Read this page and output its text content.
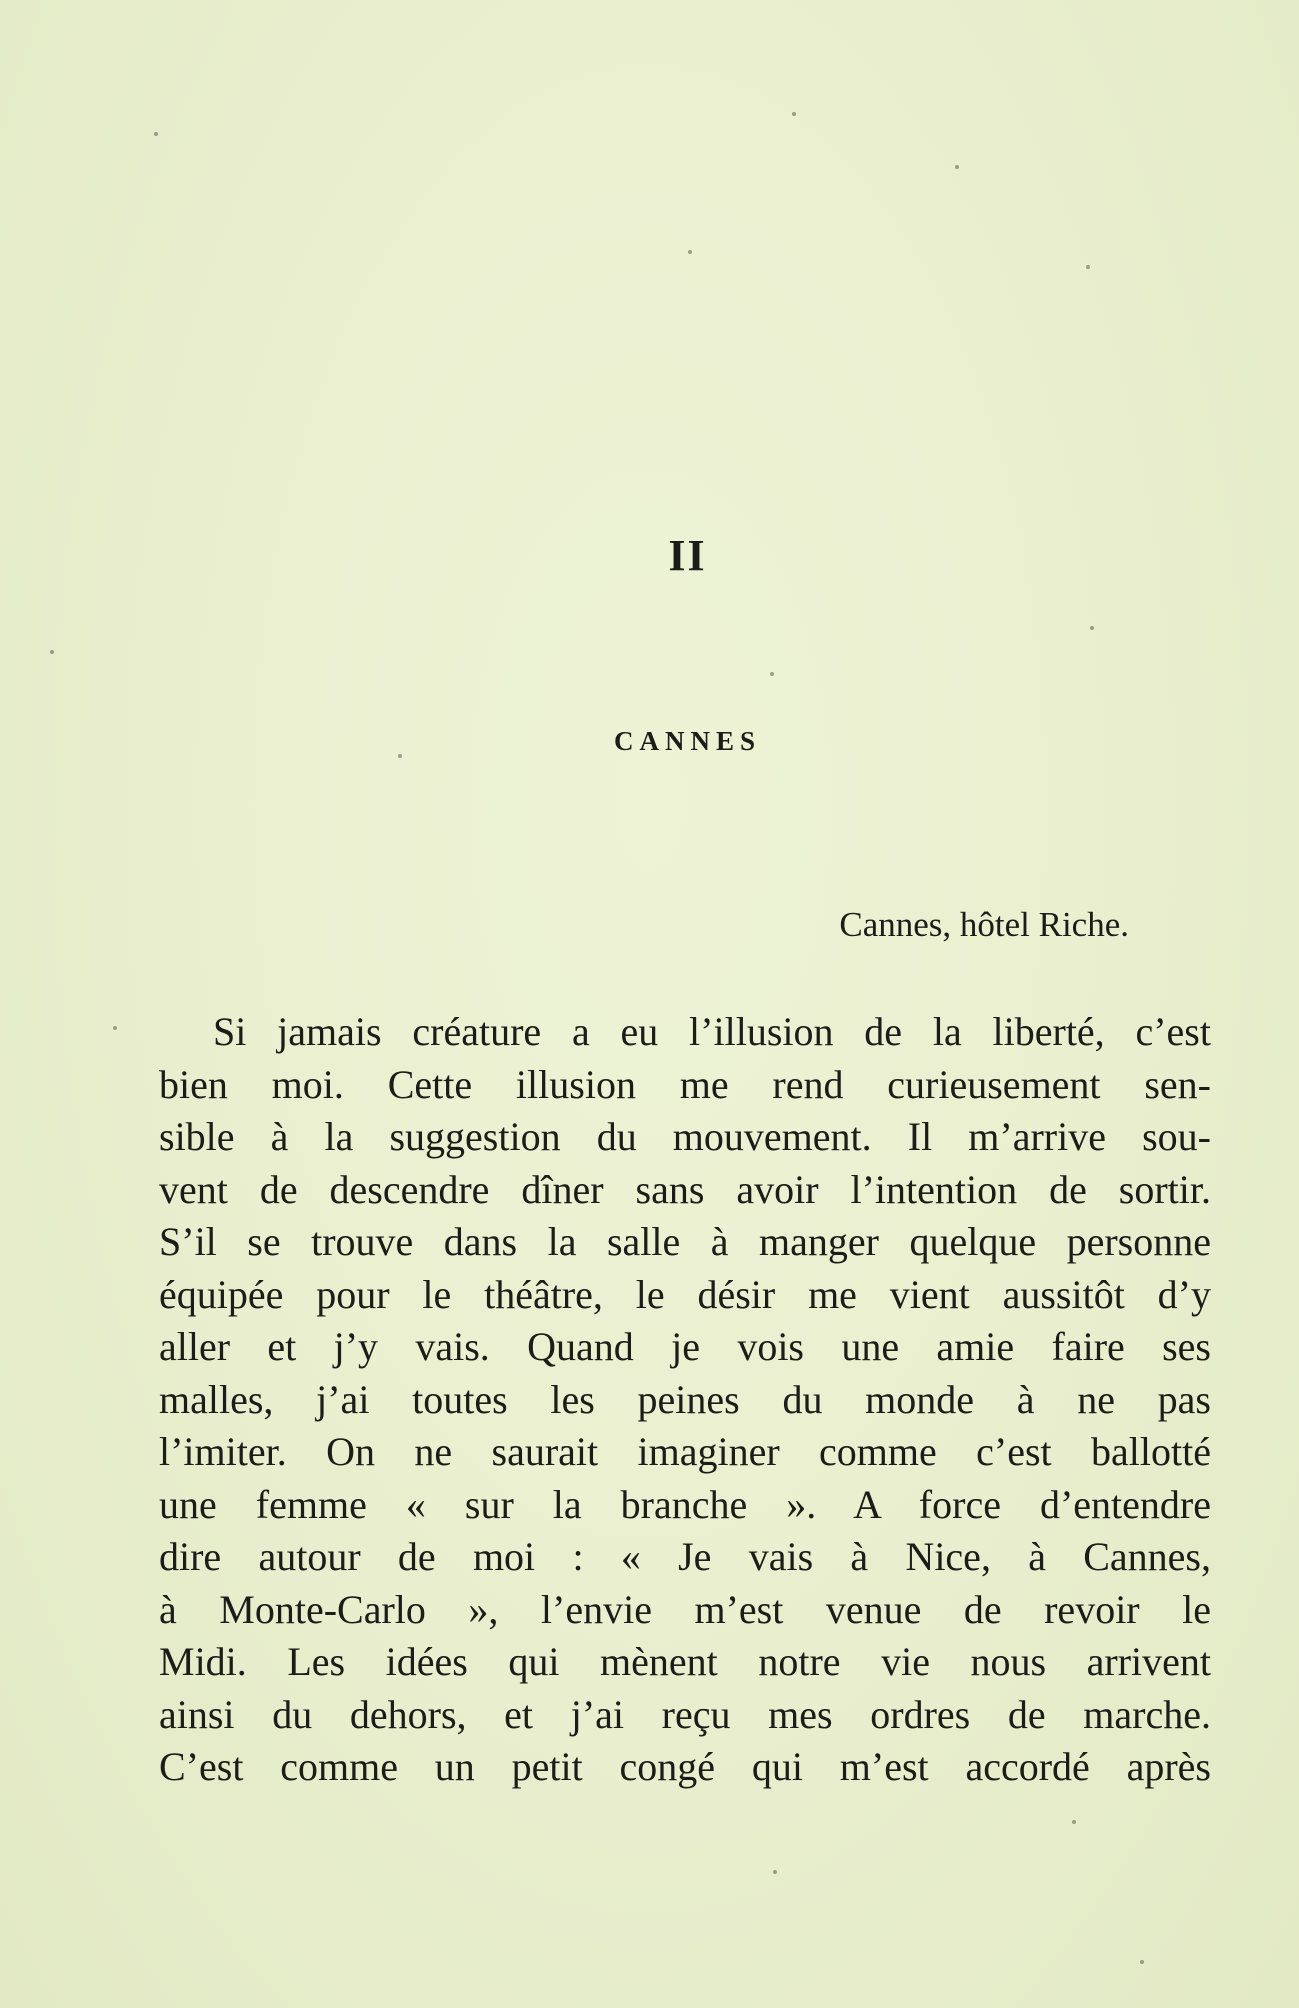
II
CANNES
Cannes, hôtel Riche.
Si jamais créature a eu l’illusion de la liberté, c’est
bien moi. Cette illusion me rend curieusement sen-
sible à la suggestion du mouvement. Il m’arrive sou-
vent de descendre dîner sans avoir l’intention de sortir.
S’il se trouve dans la salle à manger quelque personne
équipée pour le théâtre, le désir me vient aussitôt d’y
aller et j’y vais. Quand je vois une amie faire ses
malles, j’ai toutes les peines du monde à ne pas
l’imiter. On ne saurait imaginer comme c’est ballotté
une femme « sur la branche ». A force d’entendre
dire autour de moi : « Je vais à Nice, à Cannes,
à Monte-Carlo », l’envie m’est venue de revoir le
Midi. Les idées qui mènent notre vie nous arrivent
ainsi du dehors, et j’ai reçu mes ordres de marche.
C’est comme un petit congé qui m’est accordé après
